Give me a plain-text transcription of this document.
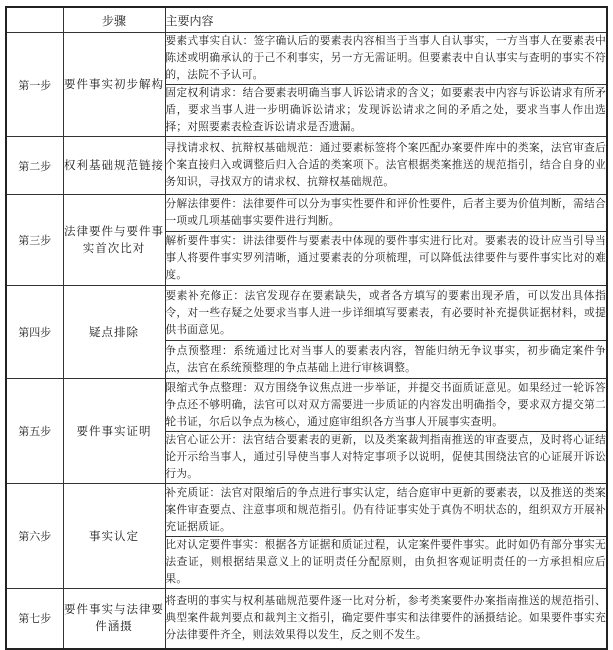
	步骤	主要内容
第一步	要件事实初步解构	要素式事实自认：签字确认后的要素表内容相当于当事人自认事实，一方当事人在要素表中陈述或明确承认的于己不利事实，另一方无需证明。但要素表中自认事实与查明的事实不符的，法院不予认可。
		固定权利请求：结合要素表明确当事人诉讼请求的含义；如要素表中内容与诉讼请求有所矛盾，要求当事人进一步明确诉讼请求；发现诉讼请求之间的矛盾之处，要求当事人作出选择；对照要素表检查诉讼请求是否遗漏。
第二步	权利基础规范链接	寻找请求权、抗辩权基础规范：通过要素标签将个案匹配办案要件库中的类案，法官审查后个案直接归入或调整后归入合适的类案项下。法官根据类案推送的规范指引，结合自身的业务知识，寻找双方的请求权、抗辩权基础规范。
第三步	法律要件与要件事实首次比对	分解法律要件：法律要件可以分为事实性要件和评价性要件，后者主要为价值判断，需结合一项或几项基础事实要件进行判断。
		解析要件事实：讲法律要件与要素表中体现的要件事实进行比对。要素表的设计应当引导当事人将要件事实罗列清晰，通过要素表的分项梳理，可以降低法律要件与要件事实比对的难度。
第四步	疑点排除	要素补充修正：法官发现存在要素缺失，或者各方填写的要素出现矛盾，可以发出具体指令，对一些存疑之处要求当事人进一步详细填写要素表，有必要时补充提供证据材料，或提供书面意见。
		争点预整理：系统通过比对当事人的要素表内容，智能归纳无争议事实，初步确定案件争点，法官在系统预整理的争点基础上进行审核调整。
第五步	要件事实证明	限缩式争点整理：双方围绕争议焦点进一步举证，并提交书面质证意见。如果经过一轮诉答争点还不够明确，法官可以对双方需要进一步质证的内容发出明确指令，要求双方提交第二轮书证，尔后以争点为核心，通过庭审组织各方当事人开展事实查明。
		法官心证公开：法官结合要素表的更新，以及类案裁判指南推送的审查要点，及时将心证结论开示给当事人，通过引导使当事人对特定事项予以说明，促使其围绕法官的心证展开诉讼行为。
第六步	事实认定	补充质证：法官对限缩后的争点进行事实认定，结合庭审中更新的要素表，以及推送的类案案件审查要点、注意事项和规范指引。仍有待证事实处于真伪不明状态的，组织双方开展补充证据质证。
		比对认定要件事实：根据各方证据和质证过程，认定案件要件事实。此时如仍有部分事实无法查证，则根据结果意义上的证明责任分配原则，由负担客观证明责任的一方承担相应后果。
第七步	要件事实与法律要件涵摄	将查明的事实与权利基础规范要件逐一比对分析，参考类案要件办案指南推送的规范指引、典型案件裁判要点和裁判主文指引，确定要件事实和法律要件的涵摄结论。如果要件事实充分法律要件齐全，则法效果得以发生，反之则不发生。
